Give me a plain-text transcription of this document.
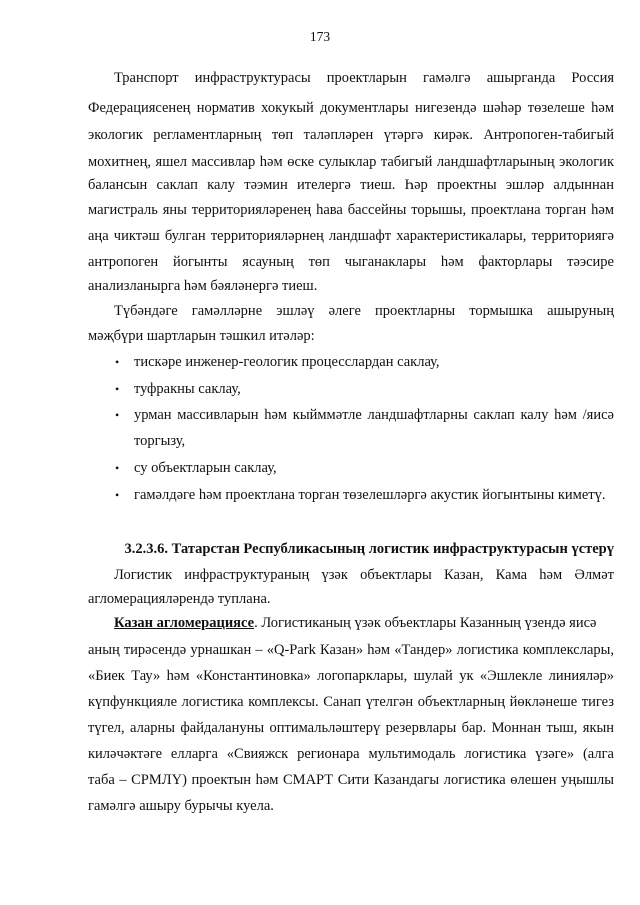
173
Транспорт инфраструктурасы проектларын гамәлгә ашырганда Россия
Федерациясенең норматив хокукый документлары нигезендә шәһәр төзелеше һәм
экологик регламентларның төп таләпләрен үтәргә кирәк. Антропоген-табигый
мохитнең, яшел массивлар һәм өске сулыклар табигый ландшафтларының экологик
балансын саклап калу тәэмин ителергә тиеш. Һәр проектны эшләр алдыннан
магистраль яны территорияләренең һава бассейны торышы, проектлана торган һәм
аңа чиктәш булган территорияләрнең ландшафт характеристикалары, территориягә
антропоген йогынты ясауның төп чыганаклары һәм факторлары тәэсире
анализланырга һәм бәяләнергә тиеш.
Түбәндәге гамәлләрне эшләү әлеге проектларны тормышка ашыруның
мәҗбүри шартларын тәшкил итәләр:
• тискәре инженер-геологик процесслардан саклау,
• туфракны саклау,
• урман массивларын һәм кыйммәтле ландшафтларны саклап калу һәм /яисә
торгызу,
• су объектларын саклау,
• гамәлдәге һәм проектлана торган төзелешләргә акустик йогынтыны киметү.
3.2.3.6. Татарстан Республикасының логистик инфраструктурасын үстерү
Логистик инфраструктураның үзәк объектлары Казан, Кама һәм Әлмәт
агломерацияләрендә тупланa.
Казан агломерациясе. Логистиканың үзәк объектлары Казанның үзендә яисә
аның тирәсендә урнашкан – «Q-Park Казан» һәм «Тандер» логистика комплекслары,
«Биек Тау» һәм «Константиновка» логопарклары, шулай ук «Эшлекле линияләр»
күпфункцияле логистика комплексы. Санап үтелгән объектларның йөкләнеше тигез
түгел, аларны файдалануны оптимальләштерү резервлары бар. Моннан тыш, якын
киләчәктәге елларга «Свияжск регионара мультимодаль логистика үзәге» (алга
таба – СРМЛҮ) проектын һәм СМАРТ Сити Казандагы логистика өлешен уңышлы
гамәлгә ашыру бурычы куела.
